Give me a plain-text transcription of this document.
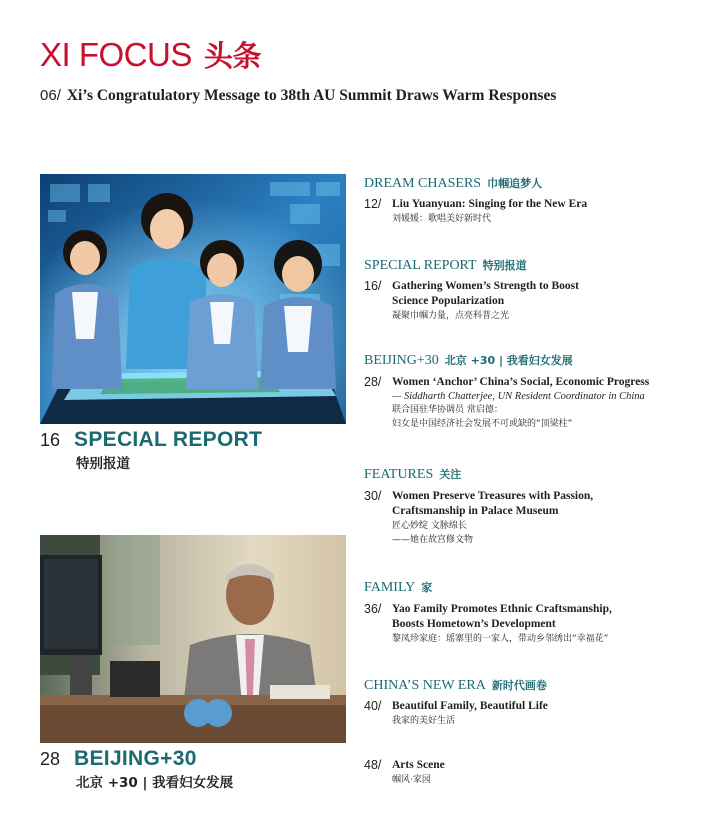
XI FOCUS 头条
06/ Xi’s Congratulatory Message to 38th AU Summit Draws Warm Responses
16 SPECIAL REPORT
特别报道
28 BEIJING+30
北京 +30 | 我看妇女发展
DREAM CHASERS 巾帼追梦人
12/ Liu Yuanyuan: Singing for the New Era
刘媛媛：歌唱美好新时代
SPECIAL REPORT 特别报道
16/ Gathering Women’s Strength to Boost
Science Popularization
凝聚巾帼力量，点亮科普之光
BEIJING+30 北京 +30 | 我看妇女发展
28/ Women ‘Anchor’ China’s Social, Economic Progress
— Siddharth Chatterjee, UN Resident Coordinator in China
联合国驻华协调员 常启德：
妇女是中国经济社会发展不可或缺的“顶梁柱”
FEATURES 关注
30/ Women Preserve Treasures with Passion,
Craftsmanship in Palace Museum
匠心妙绽 文脉绵长
——她在故宫修文物
FAMILY 家
36/ Yao Family Promotes Ethnic Craftsmanship,
Boosts Hometown’s Development
黎凤珍家庭：瑶寨里的一家人，带动乡邻绣出“幸福花”
CHINA’S NEW ERA 新时代画卷
40/ Beautiful Family, Beautiful Life
我家的美好生活
48/ Arts Scene
帼风·家园
